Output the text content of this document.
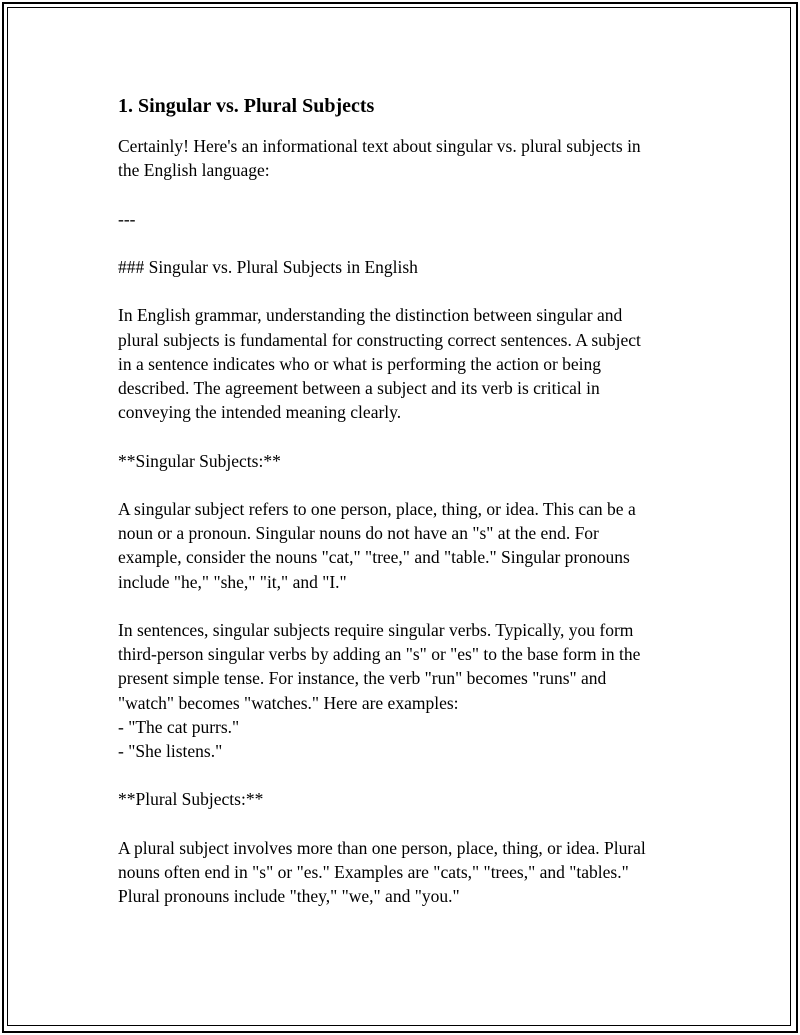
1. Singular vs. Plural Subjects
Certainly! Here's an informational text about singular vs. plural subjects in
the English language:
---
### Singular vs. Plural Subjects in English
In English grammar, understanding the distinction between singular and
plural subjects is fundamental for constructing correct sentences. A subject
in a sentence indicates who or what is performing the action or being
described. The agreement between a subject and its verb is critical in
conveying the intended meaning clearly.
**Singular Subjects:**
A singular subject refers to one person, place, thing, or idea. This can be a
noun or a pronoun. Singular nouns do not have an "s" at the end. For
example, consider the nouns "cat," "tree," and "table." Singular pronouns
include "he," "she," "it," and "I."
In sentences, singular subjects require singular verbs. Typically, you form
third-person singular verbs by adding an "s" or "es" to the base form in the
present simple tense. For instance, the verb "run" becomes "runs" and
"watch" becomes "watches." Here are examples:
- "The cat purrs."
- "She listens."
**Plural Subjects:**
A plural subject involves more than one person, place, thing, or idea. Plural
nouns often end in "s" or "es." Examples are "cats," "trees," and "tables."
Plural pronouns include "they," "we," and "you."
